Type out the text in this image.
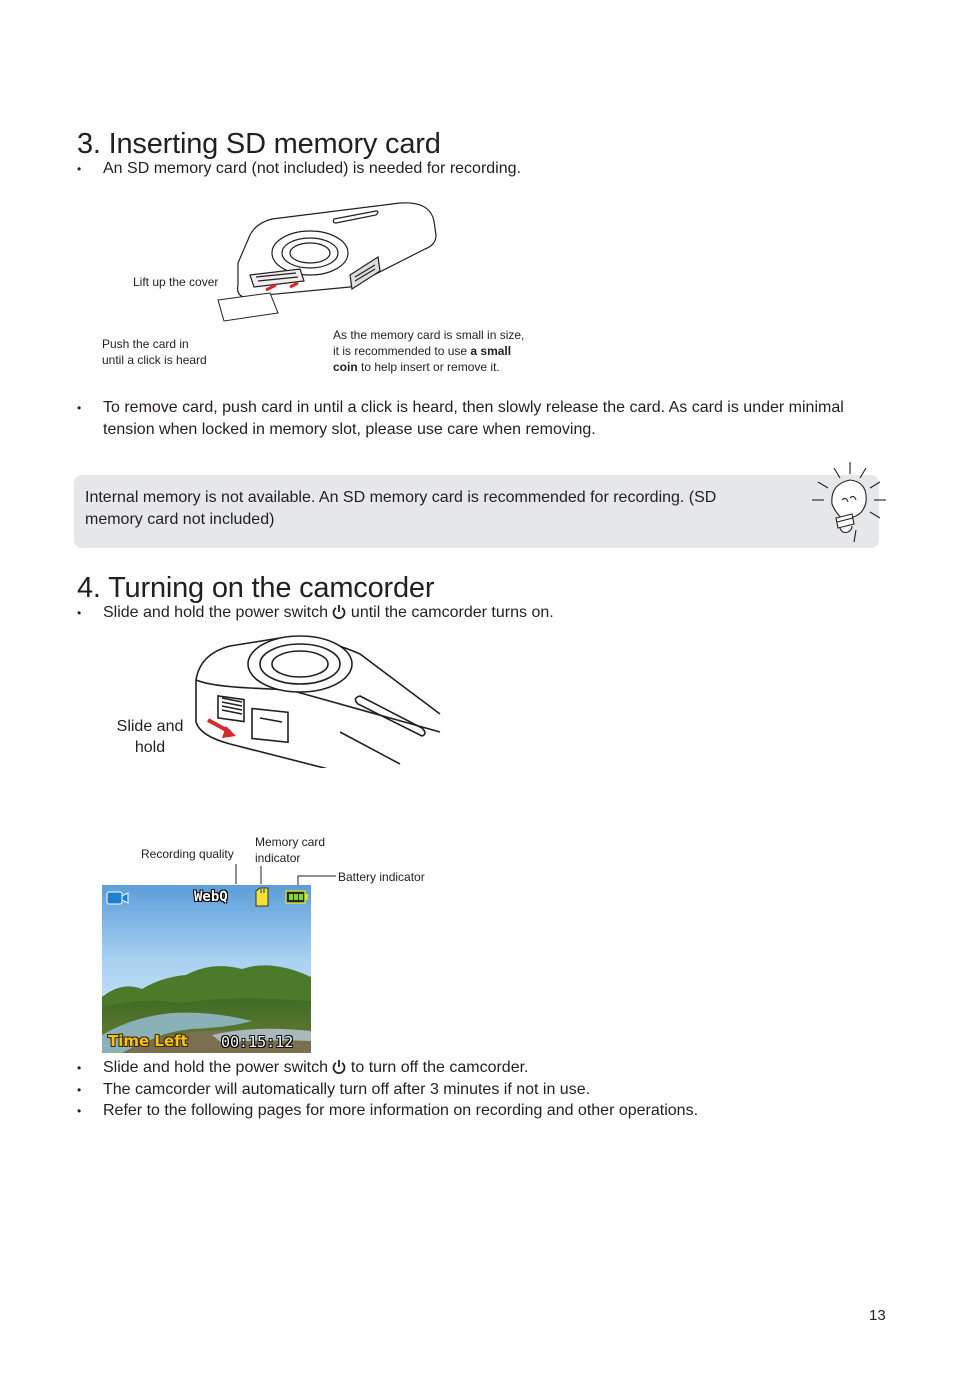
3. Inserting SD memory card
• An SD memory card (not included) is needed for recording.
Lift up the cover
Push the card in
until a click is heard
As the memory card is small in size,
it is recommended to use a small
coin to help insert or remove it.
• To remove card, push card in until a click is heard, then slowly release the card. As card is under minimal
tension when locked in memory slot, please use care when removing.
Internal memory is not available. An SD memory card is recommended for recording. (SD
memory card not included)
4. Turning on the camcorder
• Slide and hold the power switch  until the camcorder turns on.
Slide and
hold
Recording quality
Memory card
indicator
Battery indicator
WebQ
Time Left 00:15:12
• Slide and hold the power switch  to turn off the camcorder.
• The camcorder will automatically turn off after 3 minutes if not in use.
• Refer to the following pages for more information on recording and other operations.
13
